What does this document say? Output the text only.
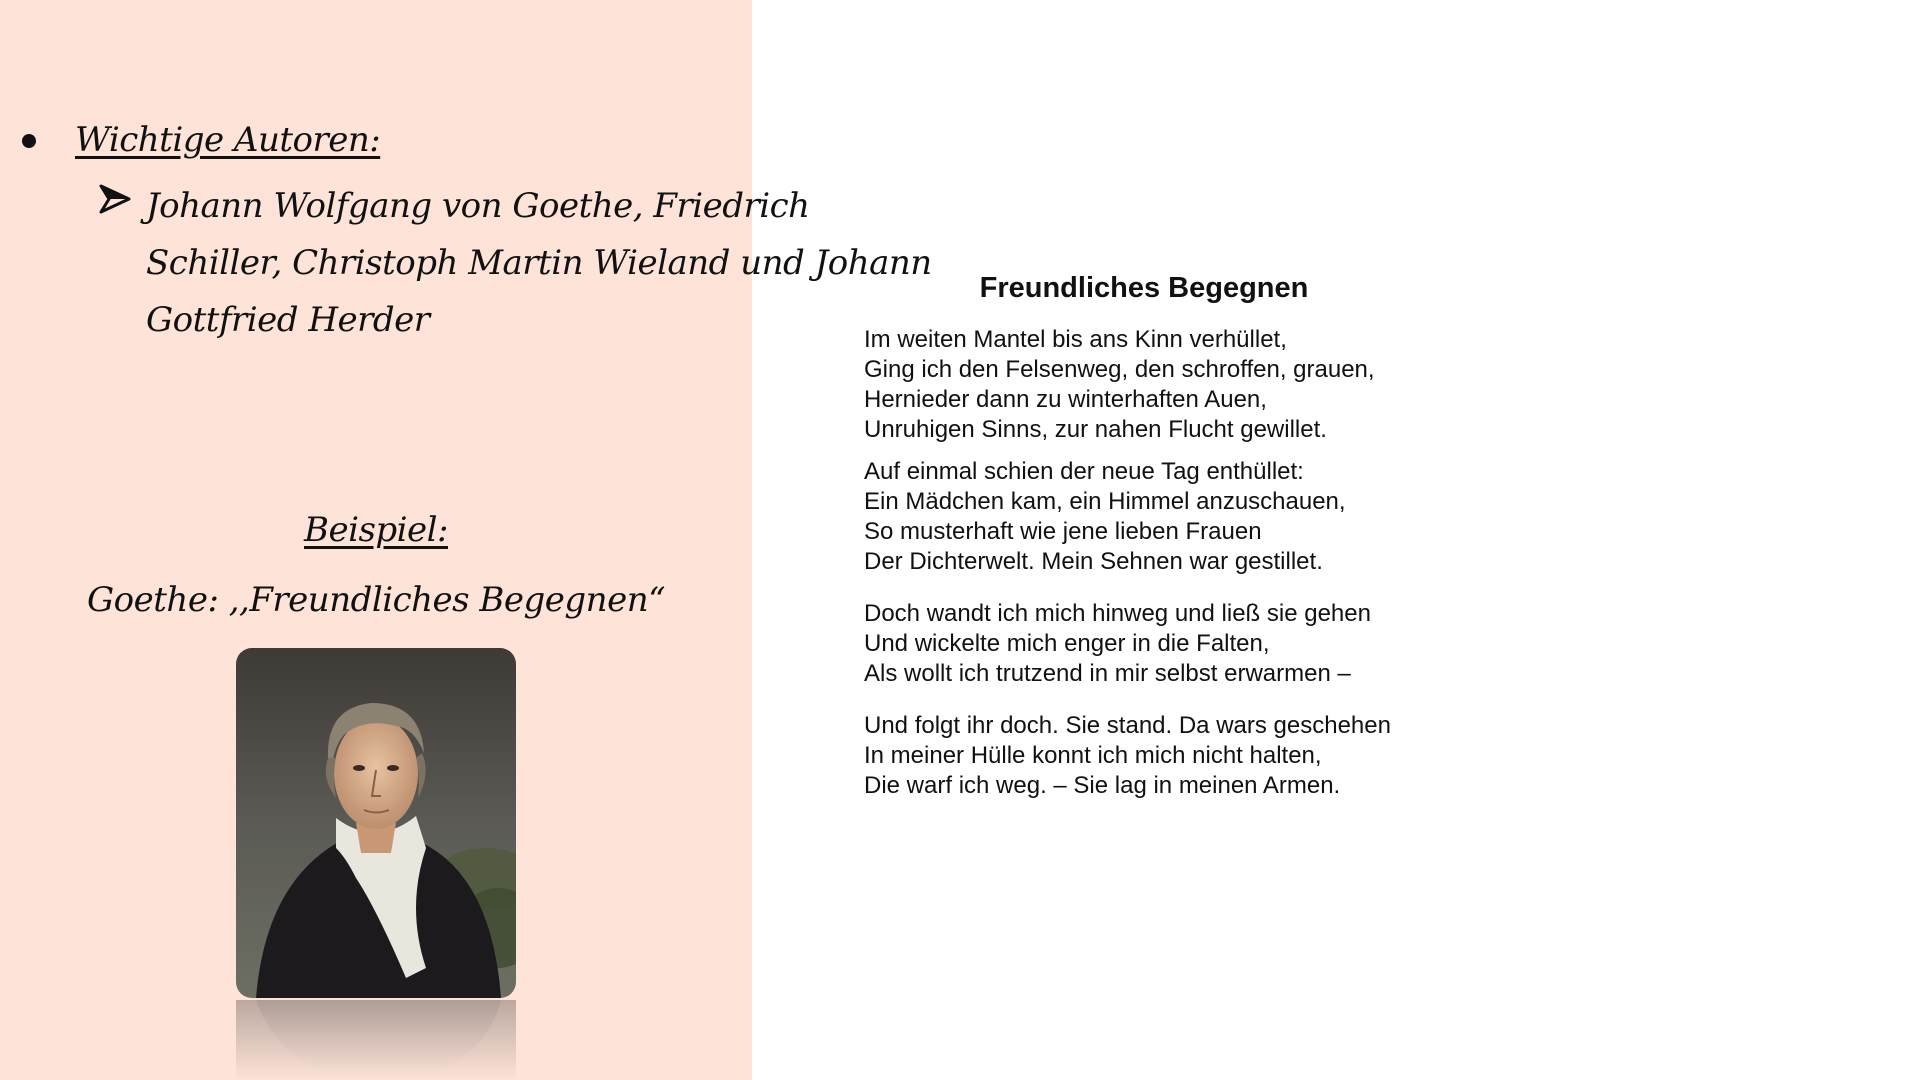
Wichtige Autoren:
Johann Wolfgang von Goethe, Friedrich
Schiller, Christoph Martin Wieland und Johann
Gottfried Herder
Beispiel:
Goethe: ,,Freundliches Begegnen“
Freundliches Begegnen
Im weiten Mantel bis ans Kinn verhüllet,
Ging ich den Felsenweg, den schroffen, grauen,
Hernieder dann zu winterhaften Auen,
Unruhigen Sinns, zur nahen Flucht gewillet.
Auf einmal schien der neue Tag enthüllet:
Ein Mädchen kam, ein Himmel anzuschauen,
So musterhaft wie jene lieben Frauen
Der Dichterwelt. Mein Sehnen war gestillet.
Doch wandt ich mich hinweg und ließ sie gehen
Und wickelte mich enger in die Falten,
Als wollt ich trutzend in mir selbst erwarmen –
Und folgt ihr doch. Sie stand. Da wars geschehen
In meiner Hülle konnt ich mich nicht halten,
Die warf ich weg. – Sie lag in meinen Armen.
